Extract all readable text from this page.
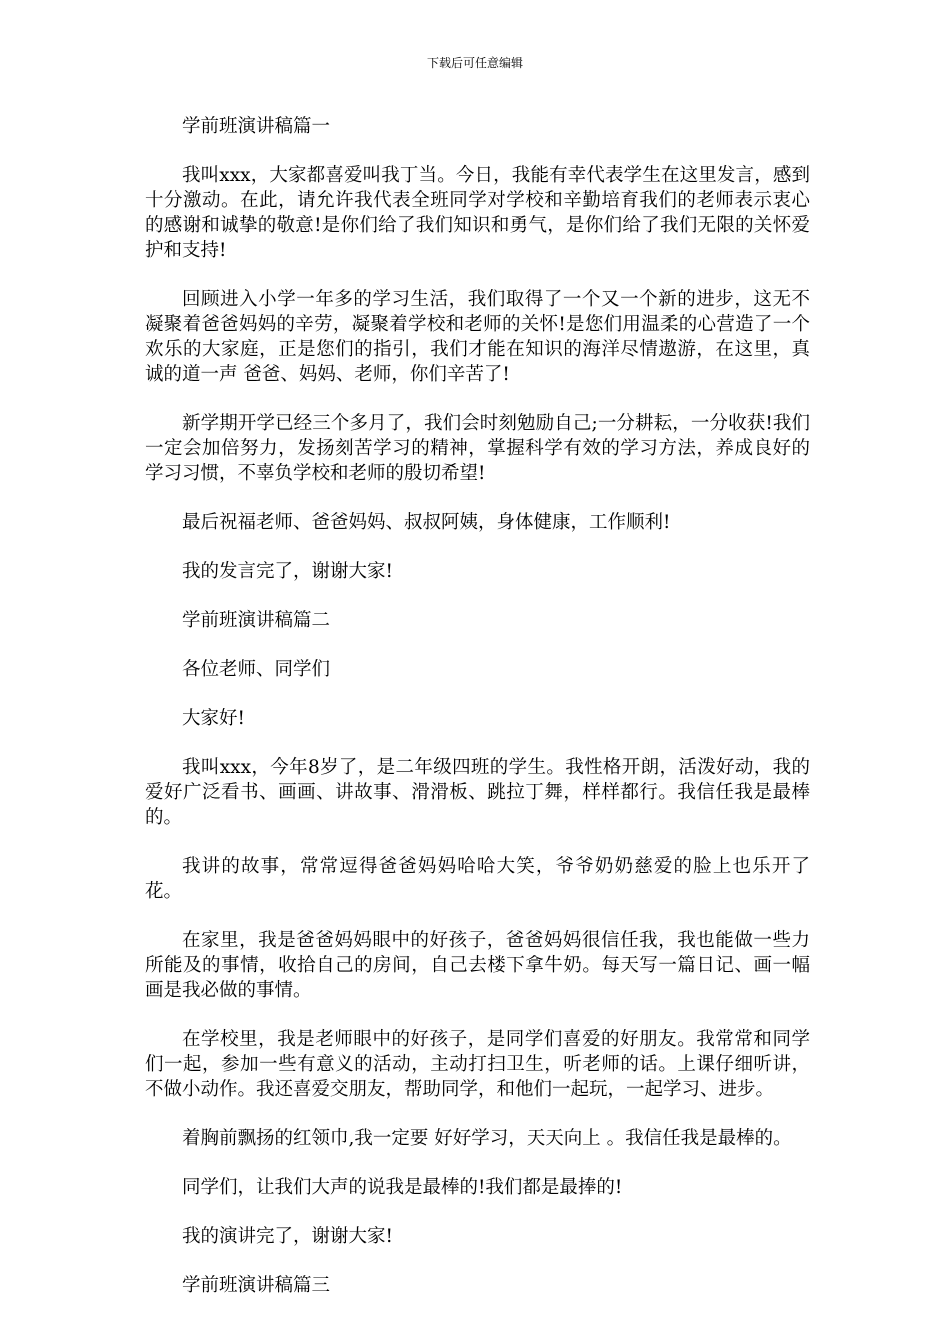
下载后可任意编辑

学前班演讲稿篇一

我叫xxx，大家都喜爱叫我丁当。今日，我能有幸代表学生在这里发言，感到十分激动。在此，请允许我代表全班同学对学校和辛勤培育我们的老师表示衷心的感谢和诚挚的敬意!是你们给了我们知识和勇气，是你们给了我们无限的关怀爱护和支持!

回顾进入小学一年多的学习生活，我们取得了一个又一个新的进步，这无不凝聚着爸爸妈妈的辛劳，凝聚着学校和老师的关怀!是您们用温柔的心营造了一个欢乐的大家庭，正是您们的指引，我们才能在知识的海洋尽情遨游，在这里，真诚的道一声 爸爸、妈妈、老师，你们辛苦了!

新学期开学已经三个多月了，我们会时刻勉励自己;一分耕耘，一分收获!我们一定会加倍努力，发扬刻苦学习的精神，掌握科学有效的学习方法，养成良好的学习习惯，不辜负学校和老师的殷切希望!

最后祝福老师、爸爸妈妈、叔叔阿姨，身体健康，工作顺利!

我的发言完了，谢谢大家!

学前班演讲稿篇二

各位老师、同学们

大家好!

我叫xxx，今年8岁了，是二年级四班的学生。我性格开朗，活泼好动，我的爱好广泛看书、画画、讲故事、滑滑板、跳拉丁舞，样样都行。我信任我是最棒的。

我讲的故事，常常逗得爸爸妈妈哈哈大笑，爷爷奶奶慈爱的脸上也乐开了花。

在家里，我是爸爸妈妈眼中的好孩子，爸爸妈妈很信任我，我也能做一些力所能及的事情，收拾自己的房间，自己去楼下拿牛奶。每天写一篇日记、画一幅画是我必做的事情。

在学校里，我是老师眼中的好孩子，是同学们喜爱的好朋友。我常常和同学们一起，参加一些有意义的活动，主动打扫卫生，听老师的话。上课仔细听讲，不做小动作。我还喜爱交朋友，帮助同学，和他们一起玩，一起学习、进步。

着胸前飘扬的红领巾,我一定要 好好学习，天天向上 。我信任我是最棒的。

同学们，让我们大声的说我是最棒的!我们都是最捧的!

我的演讲完了，谢谢大家!

学前班演讲稿篇三
